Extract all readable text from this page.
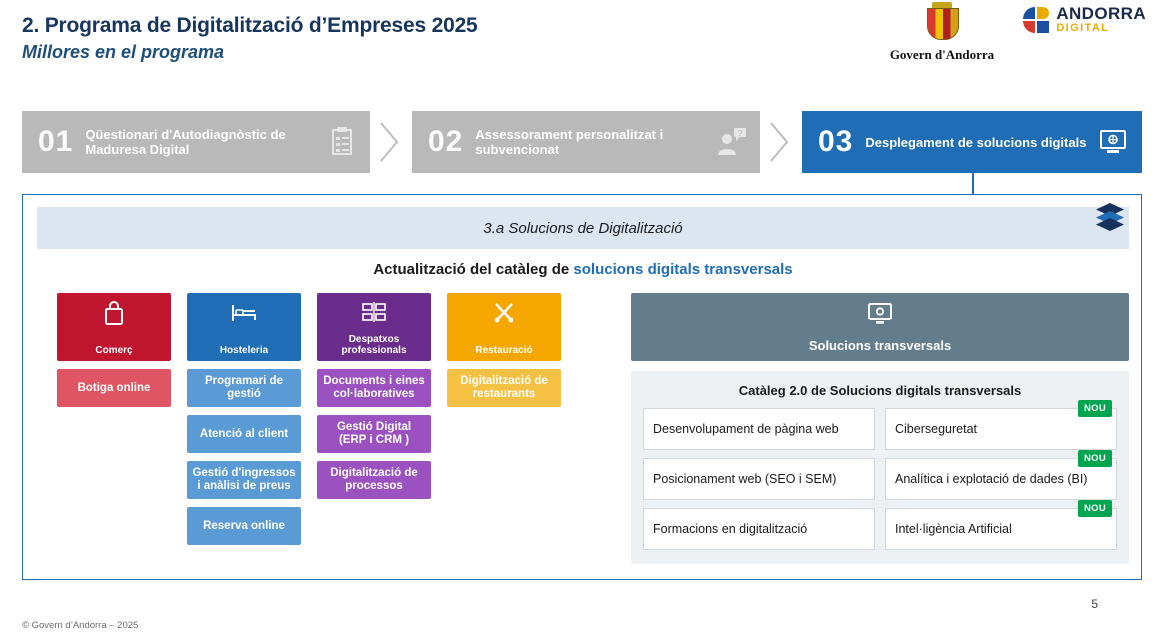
2. Programa de Digitalització d’Empreses 2025
Millores en el programa	Govern d'Andorra
ANDORRA
DIGITAL
01 Qüestionari d'Autodiagnòstic de Maduresa Digital	02 Assessorament personalitzat i subvencionat
?	03 Desplegament de solucions digitals
3.a Solucions de Digitalització
Actualització del catàleg de solucions digitals transversals
Comerç
Botiga online
Hosteleria
Programari de gestió
Atenció al client
Gestió d'ingressos i anàlisi de preus
Reserva online
Despatxos professionals
Documents i eines col·laboratives
Gestió Digital (ERP i CRM )
Digitalització de processos
Restauració
Digitalització de restaurants
Solucions transversals
Catàleg 2.0 de Solucions digitals transversals
Desenvolupament de pàgina web
NOU
Ciberseguretat
Posicionament web (SEO i SEM)
NOU
Analítica i explotació de dades (BI)
Formacions en digitalització
NOU
Intel·ligència Artificial
5
© Govern d’Andorra – 2025
